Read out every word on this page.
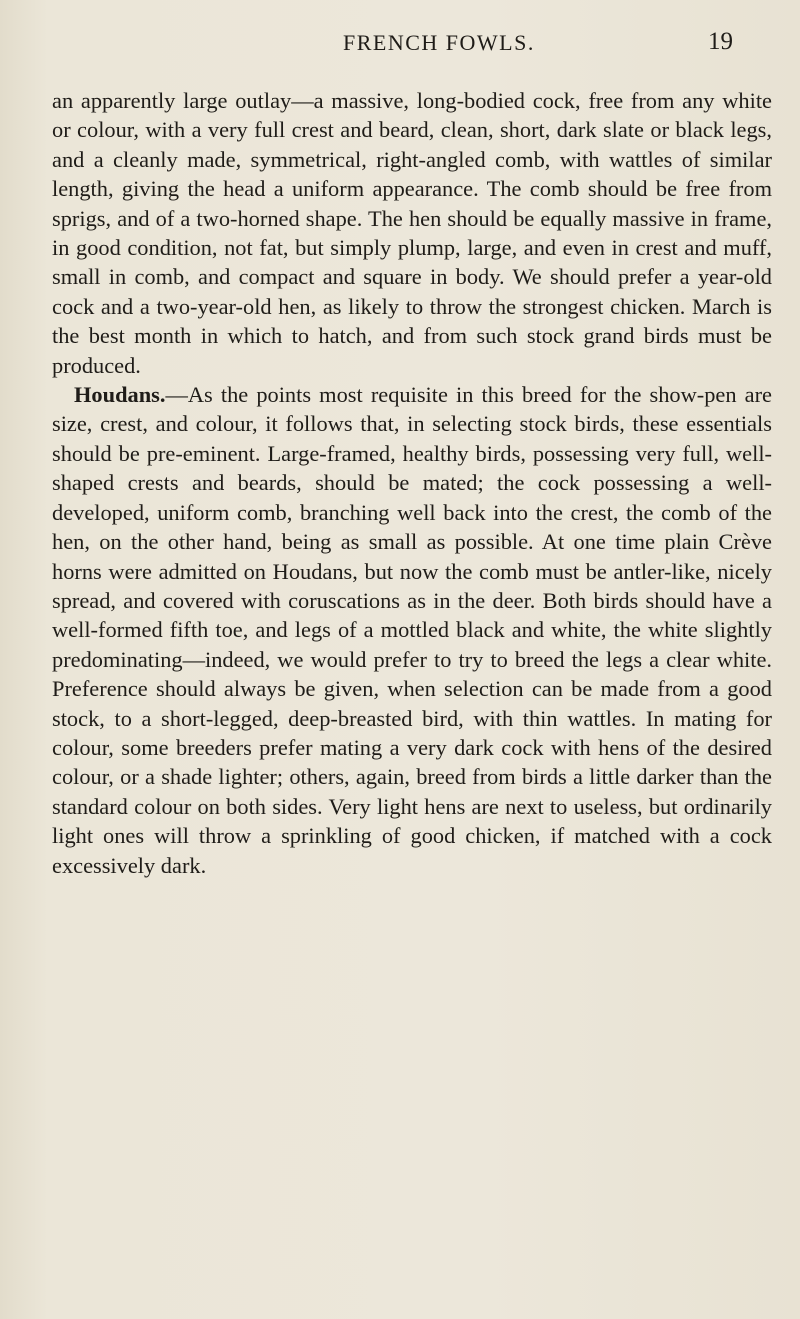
FRENCH FOWLS.	19

an apparently large outlay—a massive, long-bodied cock, free from any white or colour, with a very full crest and beard, clean, short, dark slate or black legs, and a cleanly made, symmetrical, right-angled comb, with wattles of similar length, giving the head a uniform appearance. The comb should be free from sprigs, and of a two-horned shape. The hen should be equally massive in frame, in good condition, not fat, but simply plump, large, and even in crest and muff, small in comb, and compact and square in body. We should prefer a year-old cock and a two-year-old hen, as likely to throw the strongest chicken. March is the best month in which to hatch, and from such stock grand birds must be produced.

Houdans.—As the points most requisite in this breed for the show-pen are size, crest, and colour, it follows that, in selecting stock birds, these essentials should be pre-eminent. Large-framed, healthy birds, possessing very full, well-shaped crests and beards, should be mated; the cock possessing a well-developed, uniform comb, branching well back into the crest, the comb of the hen, on the other hand, being as small as possible. At one time plain Crève horns were admitted on Houdans, but now the comb must be antler-like, nicely spread, and covered with coruscations as in the deer. Both birds should have a well-formed fifth toe, and legs of a mottled black and white, the white slightly predominating—indeed, we would prefer to try to breed the legs a clear white. Preference should always be given, when selection can be made from a good stock, to a short-legged, deep-breasted bird, with thin wattles. In mating for colour, some breeders prefer mating a very dark cock with hens of the desired colour, or a shade lighter; others, again, breed from birds a little darker than the standard colour on both sides. Very light hens are next to useless, but ordinarily light ones will throw a sprinkling of good chicken, if matched with a cock excessively dark.
